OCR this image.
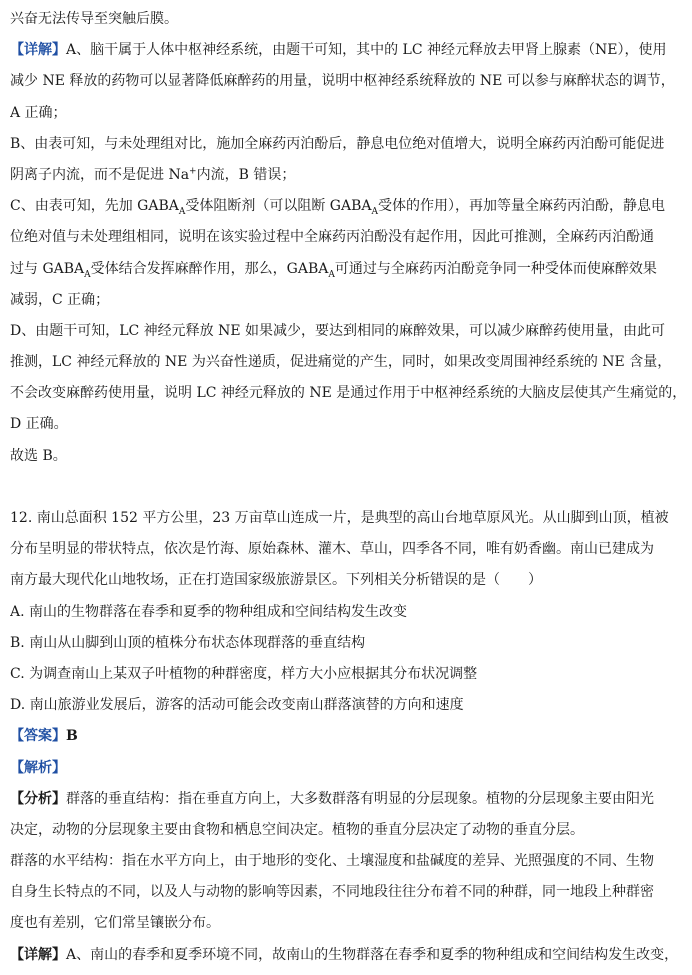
兴奋无法传导至突触后膜。
【详解】A、脑干属于人体中枢神经系统，由题干可知，其中的 LC 神经元释放去甲肾上腺素（NE），使用
减少 NE 释放的药物可以显著降低麻醉药的用量，说明中枢神经系统释放的 NE 可以参与麻醉状态的调节，
A 正确；
B、由表可知，与未处理组对比，施加全麻药丙泊酚后，静息电位绝对值增大，说明全麻药丙泊酚可能促进
阴离子内流，而不是促进 Na+内流，B 错误；
C、由表可知，先加 $GABA_A$受体阻断剂（可以阻断 $GABA_A$受体的作用），再加等量全麻药丙泊酚，静息电
位绝对值与未处理组相同，说明在该实验过程中全麻药丙泊酚没有起作用，因此可推测，全麻药丙泊酚通
过与 $GABA_A$受体结合发挥麻醉作用，那么，$GABA_A$可通过与全麻药丙泊酚竞争同一种受体而使麻醉效果
减弱，C 正确；
D、由题干可知，LC 神经元释放 NE 如果减少，要达到相同的麻醉效果，可以减少麻醉药使用量，由此可
推测，LC 神经元释放的 NE 为兴奋性递质，促进痛觉的产生，同时，如果改变周围神经系统的 NE 含量，
不会改变麻醉药使用量，说明 LC 神经元释放的 NE 是通过作用于中枢神经系统的大脑皮层使其产生痛觉的，
D 正确。
故选 B。
12. 南山总面积 152 平方公里，23 万亩草山连成一片，是典型的高山台地草原风光。从山脚到山顶，植被
分布呈明显的带状特点，依次是竹海、原始森林、灌木、草山，四季各不同，唯有奶香幽。南山已建成为
南方最大现代化山地牧场，正在打造国家级旅游景区。下列相关分析错误的是（　　）
A. 南山的生物群落在春季和夏季的物种组成和空间结构发生改变
B. 南山从山脚到山顶的植株分布状态体现群落的垂直结构
C. 为调查南山上某双子叶植物的种群密度，样方大小应根据其分布状况调整
D. 南山旅游业发展后，游客的活动可能会改变南山群落演替的方向和速度
【答案】B
【解析】
【分析】群落的垂直结构：指在垂直方向上，大多数群落有明显的分层现象。植物的分层现象主要由阳光
决定，动物的分层现象主要由食物和栖息空间决定。植物的垂直分层决定了动物的垂直分层。
群落的水平结构：指在水平方向上，由于地形的变化、土壤湿度和盐碱度的差异、光照强度的不同、生物
自身生长特点的不同，以及人与动物的影响等因素，不同地段往往分布着不同的种群，同一地段上种群密
度也有差别，它们常呈镶嵌分布。
【详解】A、南山的春季和夏季环境不同，故南山的生物群落在春季和夏季的物种组成和空间结构发生改变，
